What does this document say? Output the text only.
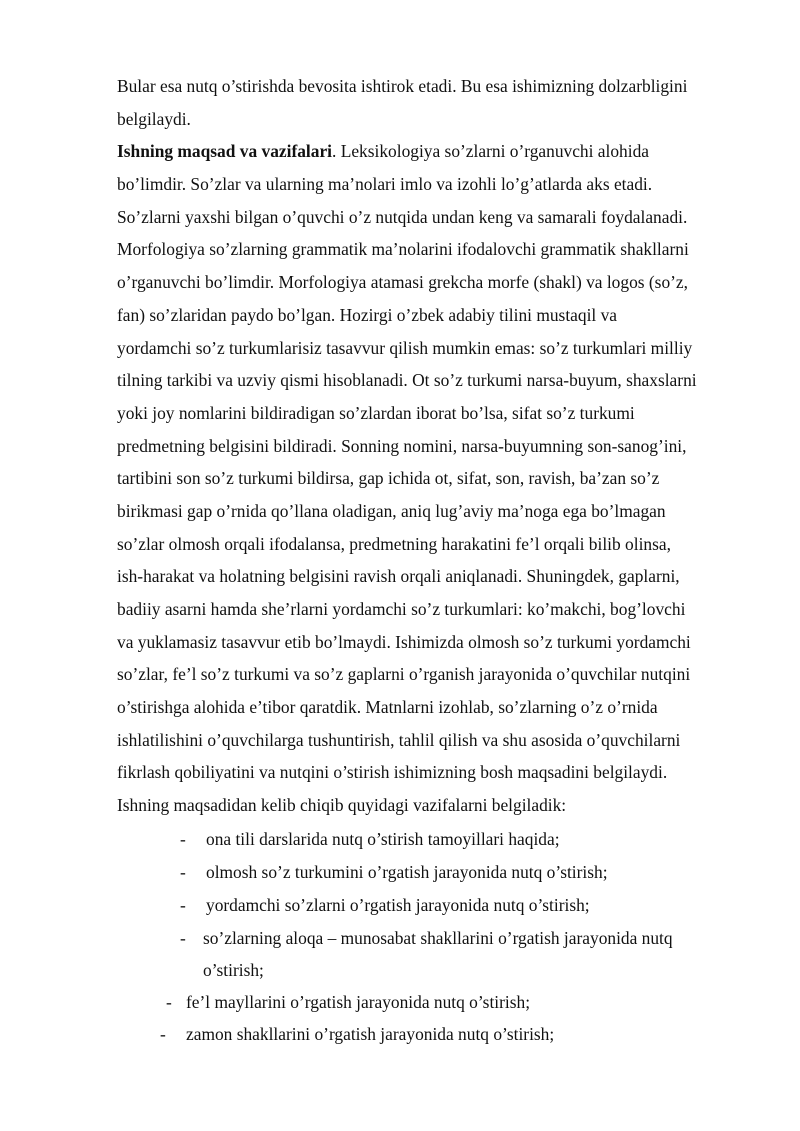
Bular esa nutq o’stirishda bevosita ishtirok etadi. Bu esa ishimizning dolzarbligini

belgilaydi.

Ishning maqsad va vazifalari. Leksikologiya so’zlarni o’rganuvchi alohida

bo’limdir. So’zlar va ularning ma’nolari imlo va izohli lo’g’atlarda aks etadi.

So’zlarni yaxshi bilgan o’quvchi o’z nutqida undan keng va samarali foydalanadi.

Morfologiya so’zlarning grammatik ma’nolarini ifodalovchi grammatik shakllarni

o’rganuvchi bo’limdir. Morfologiya atamasi grekcha morfe (shakl) va logos (so’z,

fan) so’zlaridan paydo bo’lgan. Hozirgi o’zbek adabiy tilini mustaqil va

yordamchi so’z turkumlarisiz tasavvur qilish mumkin emas: so’z turkumlari milliy

tilning tarkibi va uzviy qismi hisoblanadi. Ot so’z turkumi narsa-buyum, shaxslarni

yoki joy nomlarini bildiradigan so’zlardan iborat bo’lsa, sifat so’z turkumi

predmetning belgisini bildiradi. Sonning nomini, narsa-buyumning son-sanog’ini,

tartibini son so’z turkumi bildirsa, gap ichida ot, sifat, son, ravish, ba’zan so’z

birikmasi gap o’rnida qo’llana oladigan, aniq lug’aviy ma’noga ega bo’lmagan

so’zlar olmosh orqali ifodalansa, predmetning harakatini fe’l orqali bilib olinsa,

ish-harakat va holatning belgisini ravish orqali aniqlanadi. Shuningdek, gaplarni,

badiiy asarni hamda she’rlarni yordamchi so’z turkumlari: ko’makchi, bog’lovchi

va yuklamasiz tasavvur etib bo’lmaydi. Ishimizda olmosh so’z turkumi yordamchi

so’zlar, fe’l so’z turkumi va so’z gaplarni o’rganish jarayonida o’quvchilar nutqini

o’stirishga alohida e’tibor qaratdik. Matnlarni izohlab, so’zlarning o’z o’rnida

ishlatilishini o’quvchilarga tushuntirish, tahlil qilish va shu asosida o’quvchilarni

fikrlash qobiliyatini va nutqini o’stirish ishimizning bosh maqsadini belgilaydi.

Ishning maqsadidan kelib chiqib quyidagi vazifalarni belgiladik:

- ona tili darslarida nutq o’stirish tamoyillari haqida;
- olmosh so’z turkumini o’rgatish jarayonida nutq o’stirish;
- yordamchi so’zlarni o’rgatish jarayonida nutq o’stirish;
- so’zlarning aloqa – munosabat shakllarini o’rgatish jarayonida nutq
o’stirish;
- fe’l mayllarini o’rgatish jarayonida nutq o’stirish;
- zamon shakllarini o’rgatish jarayonida nutq o’stirish;
